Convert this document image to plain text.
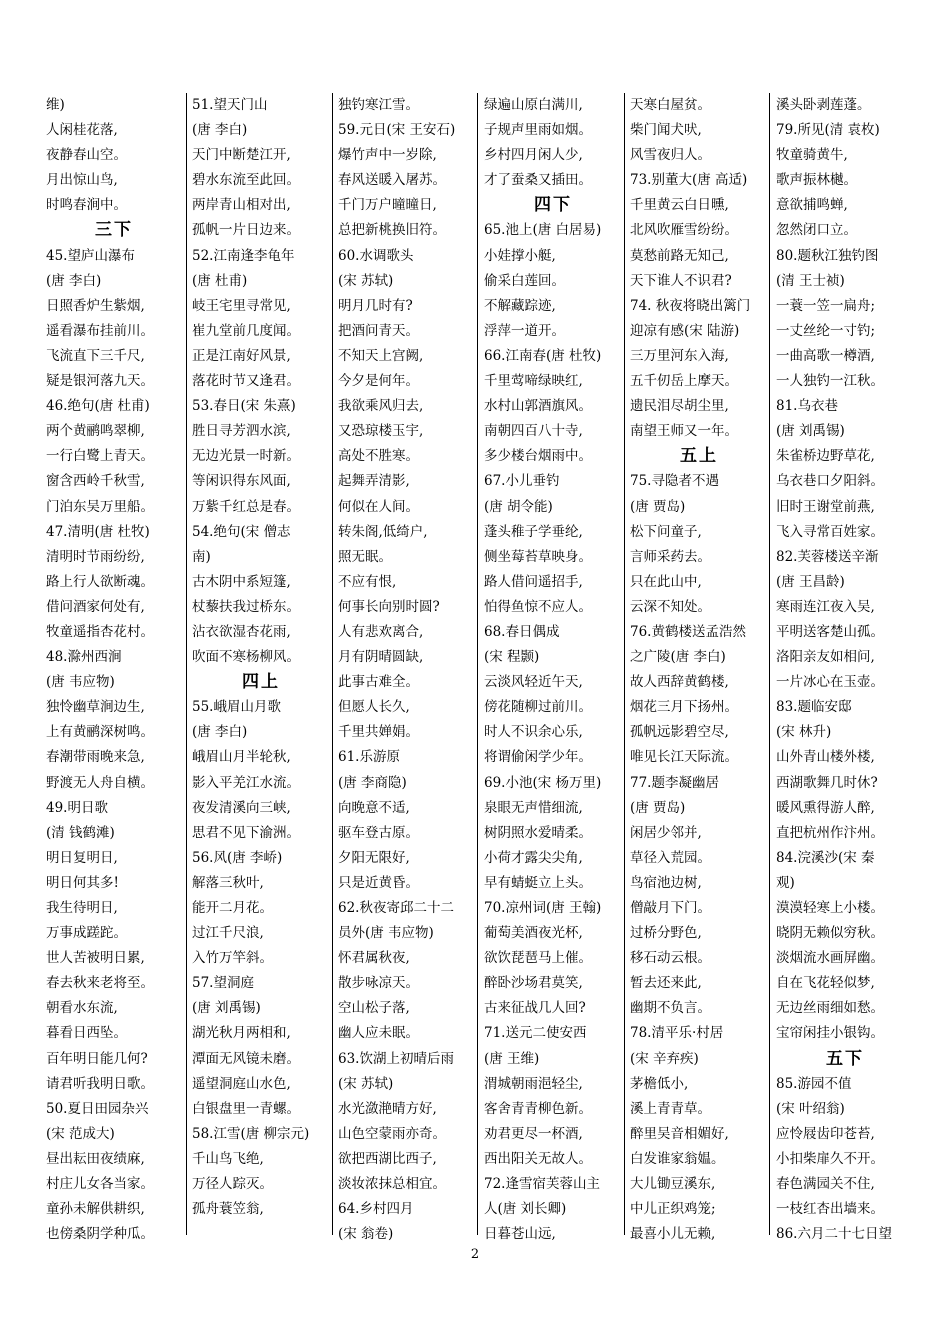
维)
人闲桂花落,
夜静春山空。
月出惊山鸟,
时鸣春涧中。
三下
45.望庐山瀑布
(唐 李白)
日照香炉生紫烟,
遥看瀑布挂前川。
飞流直下三千尺,
疑是银河落九天。
46.绝句(唐 杜甫)
两个黄鹂鸣翠柳,
一行白鹭上青天。
窗含西岭千秋雪,
门泊东吴万里船。
47.清明(唐 杜牧)
清明时节雨纷纷,
路上行人欲断魂。
借问酒家何处有,
牧童遥指杏花村。
48.滁州西涧
(唐 韦应物)
独怜幽草涧边生,
上有黄鹂深树鸣。
春潮带雨晚来急,
野渡无人舟自横。
49.明日歌
(清 钱鹤滩)
明日复明日,
明日何其多!
我生待明日,
万事成蹉跎。
世人苦被明日累,
春去秋来老将至。
朝看水东流,
暮看日西坠。
百年明日能几何?
请君听我明日歌。
50.夏日田园杂兴
(宋 范成大)
昼出耘田夜绩麻,
村庄儿女各当家。
童孙未解供耕织,
也傍桑阴学种瓜。
51.望天门山
(唐 李白)
天门中断楚江开,
碧水东流至此回。
两岸青山相对出,
孤帆一片日边来。
52.江南逢李龟年
(唐 杜甫)
岐王宅里寻常见,
崔九堂前几度闻。
正是江南好风景,
落花时节又逢君。
53.春日(宋 朱熹)
胜日寻芳泗水滨,
无边光景一时新。
等闲识得东风面,
万紫千红总是春。
54.绝句(宋 僧志
南)
古木阴中系短篷,
杖藜扶我过桥东。
沾衣欲湿杏花雨,
吹面不寒杨柳风。
四上
55.峨眉山月歌
(唐 李白)
峨眉山月半轮秋,
影入平羌江水流。
夜发清溪向三峡,
思君不见下渝洲。
56.风(唐 李峤)
解落三秋叶,
能开二月花。
过江千尺浪,
入竹万竿斜。
57.望洞庭
(唐 刘禹锡)
湖光秋月两相和,
潭面无风镜未磨。
遥望洞庭山水色,
白银盘里一青螺。
58.江雪(唐 柳宗元)
千山鸟飞绝,
万径人踪灭。
孤舟蓑笠翁,
独钓寒江雪。
59.元日(宋 王安石)
爆竹声中一岁除,
春风送暖入屠苏。
千门万户曈曈日,
总把新桃换旧符。
60.水调歌头
(宋 苏轼)
明月几时有?
把酒问青天。
不知天上宫阙,
今夕是何年。
我欲乘风归去,
又恐琼楼玉宇,
高处不胜寒。
起舞弄清影,
何似在人间。
转朱阁,低绮户,
照无眠。
不应有恨,
何事长向别时圆?
人有悲欢离合,
月有阴晴圆缺,
此事古难全。
但愿人长久,
千里共婵娟。
61.乐游原
(唐 李商隐)
向晚意不适,
驱车登古原。
夕阳无限好,
只是近黄昏。
62.秋夜寄邱二十二
员外(唐 韦应物)
怀君属秋夜,
散步咏凉天。
空山松子落,
幽人应未眠。
63.饮湖上初晴后雨
(宋 苏轼)
水光潋滟晴方好,
山色空蒙雨亦奇。
欲把西湖比西子,
淡妆浓抹总相宜。
64.乡村四月
(宋 翁卷)
绿遍山原白满川,
子规声里雨如烟。
乡村四月闲人少,
才了蚕桑又插田。
四下
65.池上(唐 白居易)
小娃撑小艇,
偷采白莲回。
不解藏踪迹,
浮萍一道开。
66.江南春(唐 杜牧)
千里莺啼绿映红,
水村山郭酒旗风。
南朝四百八十寺,
多少楼台烟雨中。
67.小儿垂钓
(唐 胡令能)
蓬头稚子学垂纶,
侧坐莓苔草映身。
路人借问遥招手,
怕得鱼惊不应人。
68.春日偶成
(宋 程颢)
云淡风轻近午天,
傍花随柳过前川。
时人不识余心乐,
将谓偷闲学少年。
69.小池(宋 杨万里)
泉眼无声惜细流,
树阴照水爱晴柔。
小荷才露尖尖角,
早有蜻蜓立上头。
70.凉州词(唐 王翰)
葡萄美酒夜光杯,
欲饮琵琶马上催。
醉卧沙场君莫笑,
古来征战几人回?
71.送元二使安西
(唐 王维)
渭城朝雨浥轻尘,
客舍青青柳色新。
劝君更尽一杯酒,
西出阳关无故人。
72.逢雪宿芙蓉山主
人(唐 刘长卿)
日暮苍山远,
天寒白屋贫。
柴门闻犬吠,
风雪夜归人。
73.别董大(唐 高适)
千里黄云白日曛,
北风吹雁雪纷纷。
莫愁前路无知己,
天下谁人不识君?
74. 秋夜将晓出篱门
迎凉有感(宋 陆游)
三万里河东入海,
五千仞岳上摩天。
遗民泪尽胡尘里,
南望王师又一年。
五上
75.寻隐者不遇
(唐 贾岛)
松下问童子,
言师采药去。
只在此山中,
云深不知处。
76.黄鹤楼送孟浩然
之广陵(唐 李白)
故人西辞黄鹤楼,
烟花三月下扬州。
孤帆远影碧空尽,
唯见长江天际流。
77.题李凝幽居
(唐 贾岛)
闲居少邻并,
草径入荒园。
鸟宿池边树,
僧敲月下门。
过桥分野色,
移石动云根。
暂去还来此,
幽期不负言。
78.清平乐·村居
(宋 辛弃疾)
茅檐低小,
溪上青青草。
醉里吴音相媚好,
白发谁家翁媪。
大儿锄豆溪东,
中儿正织鸡笼;
最喜小儿无赖,
溪头卧剥莲蓬。
79.所见(清 袁枚)
牧童骑黄牛,
歌声振林樾。
意欲捕鸣蝉,
忽然闭口立。
80.题秋江独钓图
(清 王士祯)
一蓑一笠一扁舟;
一丈丝纶一寸钓;
一曲高歌一樽酒,
一人独钓一江秋。
81.乌衣巷
(唐 刘禹锡)
朱雀桥边野草花,
乌衣巷口夕阳斜。
旧时王谢堂前燕,
飞入寻常百姓家。
82.芙蓉楼送辛渐
(唐 王昌龄)
寒雨连江夜入吴,
平明送客楚山孤。
洛阳亲友如相问,
一片冰心在玉壶。
83.题临安邸
(宋 林升)
山外青山楼外楼,
西湖歌舞几时休?
暖风熏得游人醉,
直把杭州作汴州。
84.浣溪沙(宋 秦
观)
漠漠轻寒上小楼。
晓阴无赖似穷秋。
淡烟流水画屏幽。
自在飞花轻似梦,
无边丝雨细如愁。
宝帘闲挂小银钩。
五下
85.游园不值
(宋 叶绍翁)
应怜屐齿印苍苔,
小扣柴扉久不开。
春色满园关不住,
一枝红杏出墙来。
86.六月二十七日望
2
